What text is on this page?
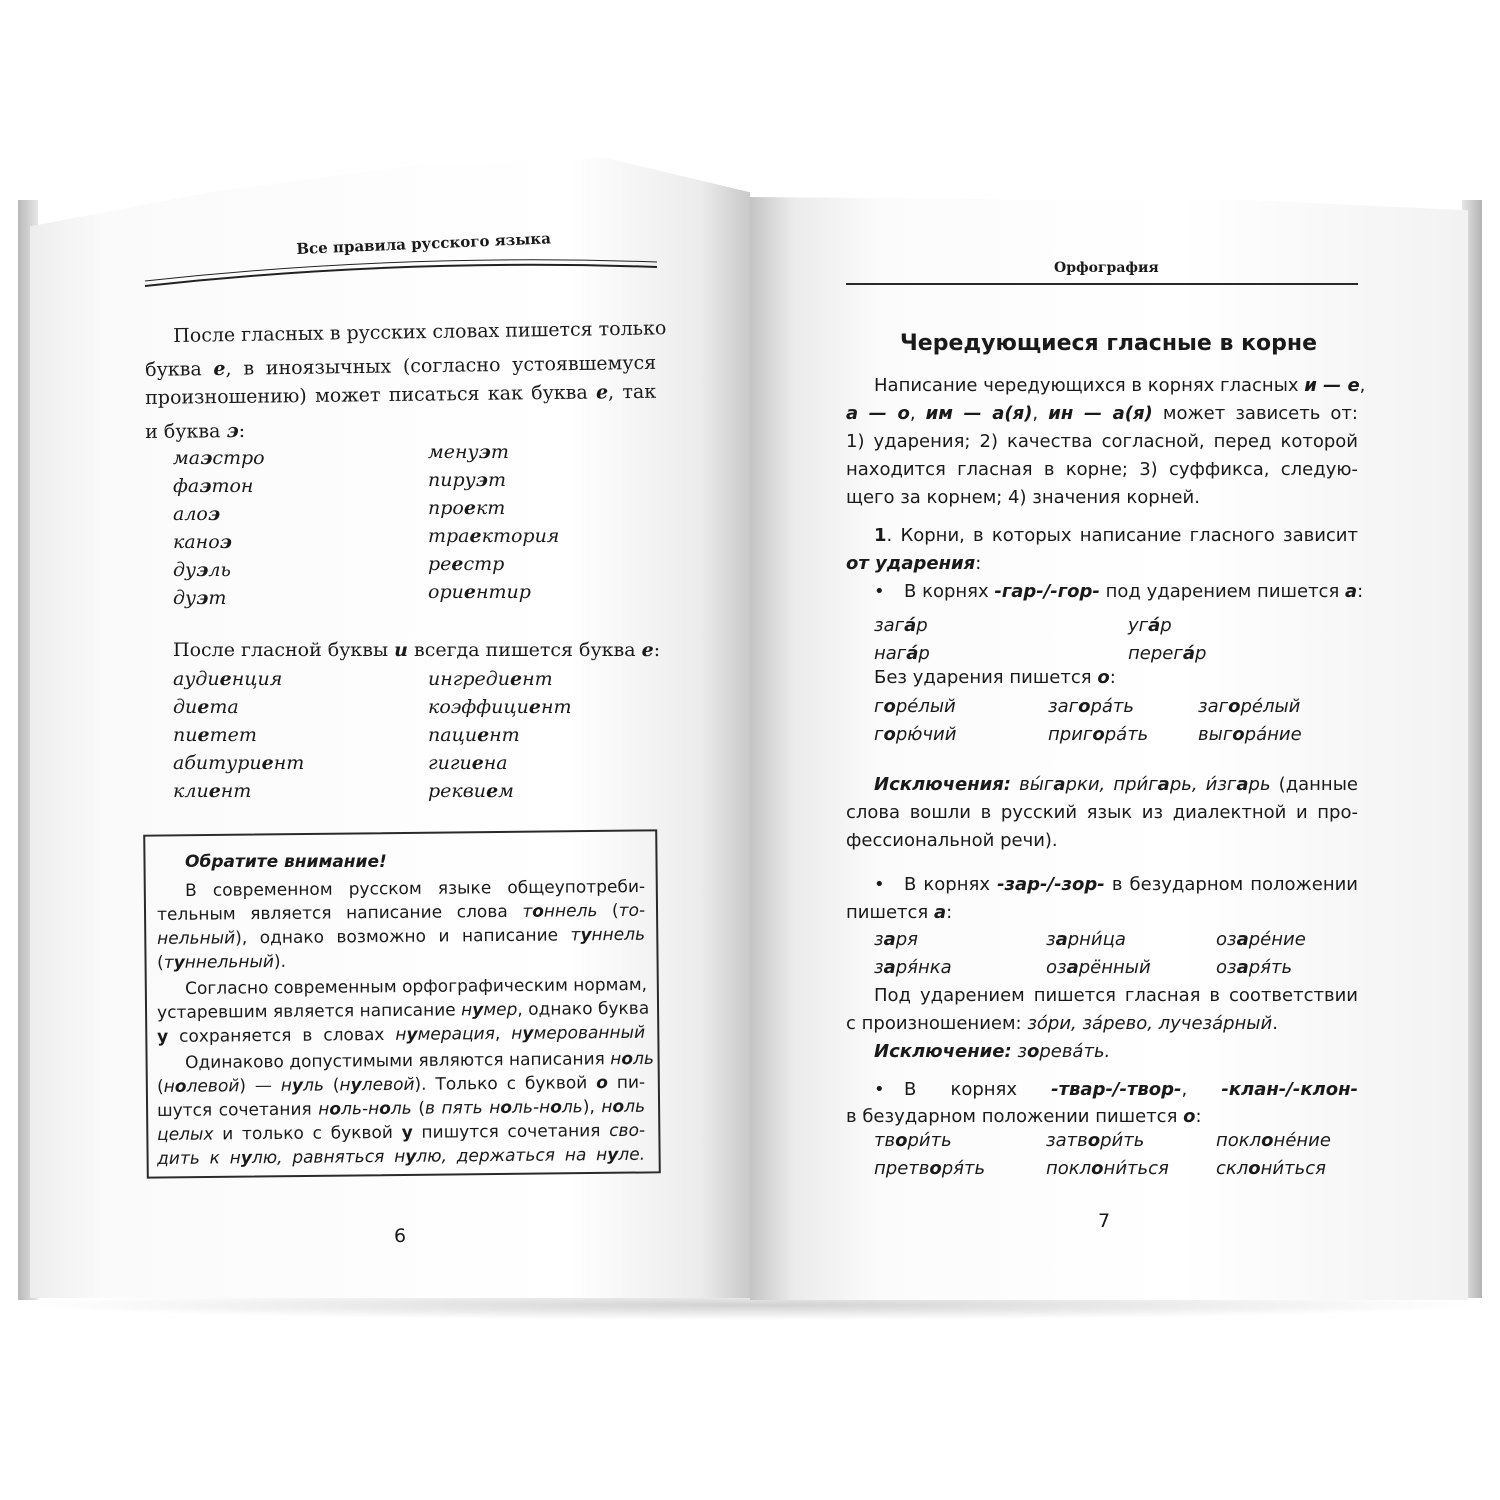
Все правила русского языка
После гласных в русских словах пишется только
буква е, в иноязычных (согласно устоявшемуся
произношению) может писаться как буква е, так
и буква э:
маэстро
фаэтон
алоэ
каноэ
дуэль
дуэт
менуэт
пируэт
проект
траектория
реестр
ориентир
После гласной буквы и всегда пишется буква е:
аудиенция
диета
пиетет
абитуриент
клиент
ингредиент
коэффициент
пациент
гигиена
реквием
Обратите внимание!
В современном русском языке общеупотреби-
тельным является написание слова тоннель (то-
нельный), однако возможно и написание туннель
(туннельный).
Согласно современным орфографическим нормам,
устаревшим является написание нумер, однако буква
у сохраняется в словах нумерация, нумерованный
Одинаково допустимыми являются написания ноль
(нолевой) — нуль (нулевой). Только с буквой о пи-
шутся сочетания ноль-ноль (в пять ноль-ноль), ноль
целых и только с буквой у пишутся сочетания сво-
дить к нулю, равняться нулю, держаться на нуле.
6
Орфография
Чередующиеся гласные в корне
Написание чередующихся в корнях гласных и — е
а — о, им — а(я), ин — а(я) может зависеть от:
1) ударения; 2) качества согласной, перед которой
находится гласная в корне; 3) суффикса, следую-
щего за корнем; 4) значения корней.
1. Корни, в которых написание гласного зависит
от ударения:
• В корнях -гар-/-гор- под ударением пишется а:
зага́р
нага́р
уга́р
перега́р
Без ударения пишется о:
горе́лый
горю́чий
загора́ть
пригора́ть
загоре́лый
выгора́ние
Исключения: вы́гарки, при́гарь, и́згарь (данные
слова вошли в русский язык из диалектной и про-
фессиональной речи).
• В корнях -зар-/-зор- в безударном положении
пишется а:
заря
заря́нка
зарни́ца
озарённый
озаре́ние
озаря́ть
Под ударением пишется гласная в соответствии
с произношением: зо́ри, за́рево, лучеза́рный.
Исключение: зорева́ть.
• В корнях -твар-/-твор-, -клан-/-клон-
в безударном положении пишется о:
твори́ть
претворя́ть
затвори́ть
поклони́ться
поклоне́ние
склони́ться
7
